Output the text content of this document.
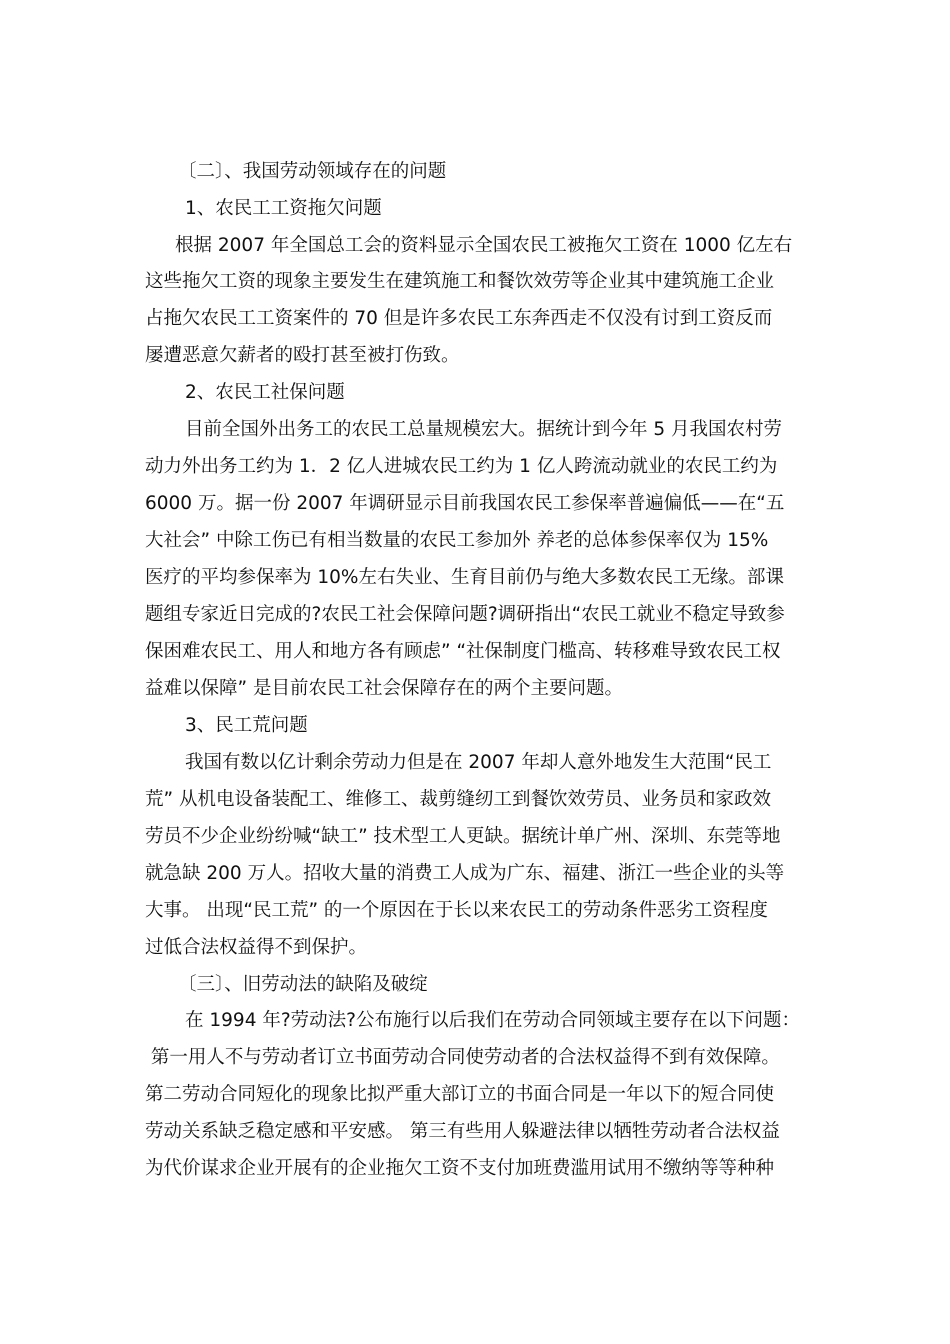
〔二〕、我国劳动领域存在的问题
1、农民工工资拖欠问题
根据 2007 年全国总工会的资料显示全国农民工被拖欠工资在 1000 亿左右
这些拖欠工资的现象主要发生在建筑施工和餐饮效劳等企业其中建筑施工企业
占拖欠农民工工资案件的 70 但是许多农民工东奔西走不仅没有讨到工资反而
屡遭恶意欠薪者的殴打甚至被打伤致。
2、农民工社保问题
目前全国外出务工的农民工总量规模宏大。据统计到今年 5 月我国农村劳
动力外出务工约为 1．2 亿人进城农民工约为 1 亿人跨流动就业的农民工约为
6000 万。据一份 2007 年调研显示目前我国农民工参保率普遍偏低——在“五
大社会” 中除工伤已有相当数量的农民工参加外 养老的总体参保率仅为 15%
医疗的平均参保率为 10%左右失业、生育目前仍与绝大多数农民工无缘。部课
题组专家近日完成的?农民工社会保障问题?调研指出“农民工就业不稳定导致参
保困难农民工、用人和地方各有顾虑” “社保制度门槛高、转移难导致农民工权
益难以保障” 是目前农民工社会保障存在的两个主要问题。
3、民工荒问题
我国有数以亿计剩余劳动力但是在 2007 年却人意外地发生大范围“民工
荒” 从机电设备装配工、维修工、裁剪缝纫工到餐饮效劳员、业务员和家政效
劳员不少企业纷纷喊“缺工” 技术型工人更缺。据统计单广州、深圳、东莞等地
就急缺 200 万人。招收大量的消费工人成为广东、福建、浙江一些企业的头等
大事。 出现“民工荒” 的一个原因在于长以来农民工的劳动条件恶劣工资程度
过低合法权益得不到保护。
〔三〕、旧劳动法的缺陷及破绽
在 1994 年?劳动法?公布施行以后我们在劳动合同领域主要存在以下问题：
第一用人不与劳动者订立书面劳动合同使劳动者的合法权益得不到有效保障。
第二劳动合同短化的现象比拟严重大部订立的书面合同是一年以下的短合同使
劳动关系缺乏稳定感和平安感。 第三有些用人躲避法律以牺牲劳动者合法权益
为代价谋求企业开展有的企业拖欠工资不支付加班费滥用试用不缴纳等等种种
